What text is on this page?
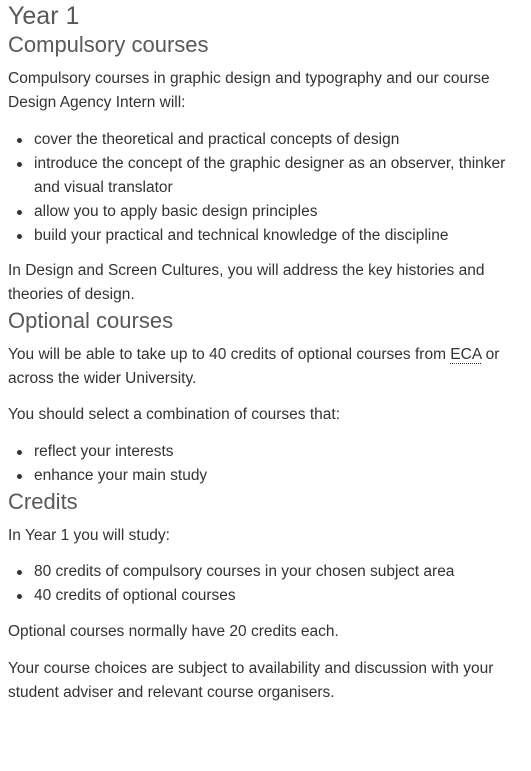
Year 1
Compulsory courses

Compulsory courses in graphic design and typography and our course Design Agency Intern will:

cover the theoretical and practical concepts of design
introduce the concept of the graphic designer as an observer, thinker and visual translator
allow you to apply basic design principles
build your practical and technical knowledge of the discipline

In Design and Screen Cultures, you will address the key histories and theories of design.

Optional courses

You will be able to take up to 40 credits of optional courses from ECA or across the wider University.

You should select a combination of courses that:

reflect your interests
enhance your main study
Credits

In Year 1 you will study:

80 credits of compulsory courses in your chosen subject area
40 credits of optional courses

Optional courses normally have 20 credits each.

Your course choices are subject to availability and discussion with your student adviser and relevant course organisers.
